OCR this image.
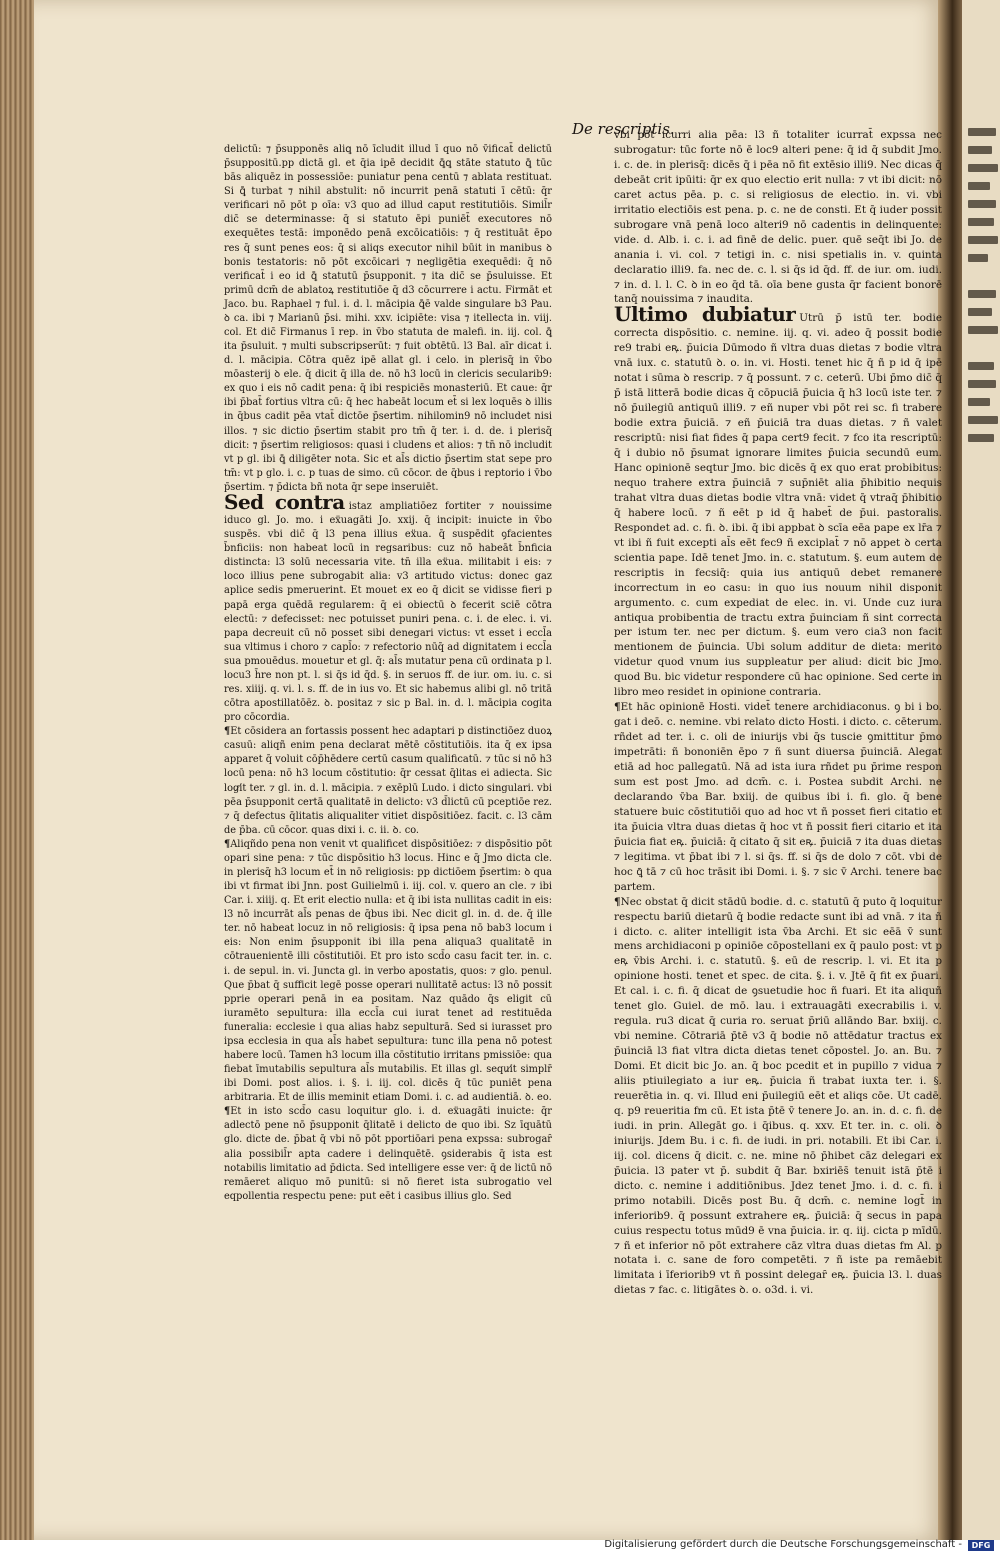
De rescriptis.

delictū: ⁊ p̄supponēs aliꝗ nō īcludit illud ī quo nō v̄ificat̄ delictū p̄suppositū.pp dictā gl. et q̄ia ipē decidit ꝗ̄ꝗ stāte statuto ꝗ̄ tūc bās aliquēz in possessiōe: puniatur pena centū ⁊ ablata restituat. Si ꝗ̄ turbat ⁊ nihil abstulit: nō incurrit penā statuti ī cētū: q̄r verificari nō pōt p oīa: v3 quo ad illud caput restitutiōis. Simil̄r dic̄ se determinasse: q̄ si statuto ēpi puniēt̄ executores nō exequētes testā: imponēdo penā excōicatiōis: ⁊ q̄ restituāt ēpo res q̄ sunt penes eos: q̄ si aliqs executor nihil būit in manibus ꝺ bonis testatoris: nō pōt excōicari ⁊ negligētia exequēdi: q̄ nō verificat̄ i eo id ꝗ̄ statutū p̄supponit. ⁊ ita dic̄ se p̄suluisse. Et primū dcm̄ de ablatoꝝ restitutiōe q̄ d3 cōcurrere i actu. Firmāt et Jaco. bu. Raphael ⁊ ful. i. d. l. mācipia ꝗ̄ē valde singulare b3 Pau. ꝺ ca. ibi ⁊ Marianū p̄si. mihi. xxv. icipiēte: visa ⁊ itellecta in. viij. col. Et dic̄ Firmanus ī rep. in v̄bo statuta de malefi. in. iij. col. ꝗ̄ ita p̄suluit. ⁊ multi subscripserūt: ⁊ fuit obtētū. l3 Bal. aīr dicat i. d. l. mācipia. Cōtra quēz ipē allat gl. i celo. in plerisq̄ in v̄bo mōasterij ꝺ ele. q̄ dicit q̄ illa de. nō h3 locū in clericis secularib9: ex quo i eis nō cadit pena: q̄ ibi respiciēs monasteriū. Et caue: q̄r ibi p̄bat̄ fortius vltra cū: q̄ hec habeāt locum et̄ si lex loquēs ꝺ illis in q̄bus cadit pēa vtat̄ dictōe p̄sertim. nihilomin9 nō includet nisi illos. ⁊ sic dictio p̄sertim stabit pro tm̄ q̄ ter. i. d. de. i plerisq̄ dicit: ⁊ p̄sertim religiosos: quasi i cludens et alios: ⁊ tn̄ nō includit vt p gl. ibi ꝗ̄ diligēter nota. Sic et al̄s dictio p̄sertim stat sepe pro tm̄: vt p glo. i. c. p tuas de simo. cū cōcor. de q̄bus i reptorio i v̄bo p̄sertim. ⁊ p̄dicta bñ nota q̄r sepe inseruiēt.

Sed contra istaz ampliatiōez fortiter ⁊ nouissime iduco gl. Jo. mo. i eẍuagāti Jo. xxij. q̄ incipit: inuicte in v̄bo suspēs. vbi dic̄ q̄ l3 pena illius eẍua. q̄ suspēdit ꝯfacientes b̄nficiis: non habeat locū in regsaribus: cuz nō habeāt b̄nficia distincta: l3 solū necessaria vite. tn̄ illa eẍua. militabit i eis: ⁊ loco illius pene subrogabit alia: v3 artitudo victus: donec gaz aplice sedis pmeruerint. Et mouet ex eo q̄ dicit se vidisse fieri p papā erga quēdā regularem: q̄ ei obiectū ꝺ fecerit sciē cōtra electū: ⁊ defecisset: nec potuisset puniri pena. c. i. de elec. i. vi. papa decreuit cū nō posset sibi denegari victus: vt esset i eccl̄a sua vltimus i choro ⁊ capl̄o: ⁊ refectorio nūq̄ ad dignitatem i eccl̄a sua pmouēdus. mouetur et gl. q̄: al̄s mutatur pena cū ordinata p l. locu3 h̄re non pt. l. si q̄s id q̄d. §. in seruos ff. de iur. om. iu. c. si res. xiiij. q. vi. l. s. ff. de in ius vo. Et sic habemus alibi gl. nō tritā cōtra apostillatōēz. ꝺ. positaz ⁊ sic p Bal. in. d. l. mācipia cogita pro cōcordia.

¶Et cōsidera an fortassis possent hec adaptari p distinctiōez duoꝝ casuū: aliqñ enim pena declarat mētē cōstitutiōis. ita q̄ ex ipsa apparet q̄ voluit cōp̄hēdere certū casum qualificatū. ⁊ tūc si nō h3 locū pena: nō h3 locum cōstitutio: q̄r cessat q̄litas ei adiecta. Sic logi̸t ter. ⁊ gl. in. d. l. mācipia. ⁊ exēplū Ludo. i dicto singulari. vbi pēa p̄supponit certā qualitatē in delicto: v3 d̄lictū cū pceptiōe rez. ⁊ q̄ defectus q̄litatis aliqualiter vitiet dispōsitiōez. facit. c. l3 cām de p̄ba. cū cōcor. quas dixi i. c. ii. ꝺ. co.

¶Aliqñdo pena non venit vt qualificet dispōsitiōez: ⁊ dispōsitio pōt opari sine pena: ⁊ tūc dispōsitio h3 locus. Hinc e q̄ Jmo dicta cle. in plerisq̄ h3 locum et̄ in nō religiosis: pp dictiōem p̄sertim: ꝺ qua ibi vt firmat ibi Jnn. post Guilielmū i. iij. col. v. quero an cle. ⁊ ibi Car. i. xiiij. q. Et erit electio nulla: et q̄ ibi ista nullitas cadit in eis: l3 nō incurrāt al̄s penas de q̄bus ibi. Nec dicit gl. in. d. de. q̄ ille ter. nō habeat locuz in nō religiosis: q̄ ipsa pena nō bab3 locum i eis: Non enim p̄supponit ibi illa pena aliqua3 qualitatē in cōtrauenientē illi cōstitutiōi. Et pro isto scd̄o casu facit ter. in. c. i. de sepul. in. vi. Juncta gl. in verbo apostatis, quos: ⁊ glo. penul. Que p̄bat q̄ sufficit legē posse operari nullitatē actus: l3 nō possit pprie operari penā in ea positam. Naz quādo q̄s eligit cū iuramēto sepultura: illa eccl̄a cui iurat tenet ad restituēda funeralia: ecclesie i qua alias habz sepulturā. Sed si iurasset pro ipsa ecclesia in qua al̄s habet sepultura: tunc illa pena nō potest habere locū. Tamen h3 locum illa cōstitutio irritans pmissiōe: qua fiebat īmutabilis sepultura al̄s mutabilis. Et illas gl. sequi̸t simplr̄ ibi Domi. post alios. i. §. i. iij. col. dicēs q̄ tūc puniēt pena arbitraria. Et de illis meminit etiam Domi. i. c. ad audientiā. ꝺ. eo.

¶Et in isto scd̄o casu loquitur glo. i. d. eẍuagāti inuicte: q̄r adlectō pene nō p̄supponit q̄litatē i delicto de quo ibi. Sz īquātū glo. dicte de. p̄bat q̄ vbi nō pōt pportiōari pena expssa: subrogaȓ alia possibil̄r apta cadere i delinquētē. ꝯsiderabis q̄ ista est notabilis limitatio ad p̄dicta. Sed intelligere esse ver: q̄ de lictū nō remāeret aliquo mō punitū: si nō fieret ista subrogatio vel eqpollentia respectu pene: put eēt i casibus illius glo. Sed

vbi pōt icurri alia pēa: l3 ñ totaliter icurrat̄ expssa nec subrogatur: tūc forte nō ē loc9 alteri pene: q̄ id q̄ subdit Jmo. i. c. de. in plerisq̄: dicēs q̄ i pēa nō fit extēsio illi9. Nec dicas q̄ debeāt crit ipūiti: q̄r ex quo electio erit nulla: ⁊ vt ibi dicit: nō caret actus pēa. p. c. si religiosus de electio. in. vi. vbi irritatio electiōis est pena. p. c. ne de consti. Et q̄ iuder possit subrogare vnā penā loco alteri9 nō cadentis in delinquente: vide. d. Alb. i. c. i. ad finē de delic. puer. quē seq̄t ibi Jo. de anania i. vi. col. ⁊ tetigi in. c. nisi spetialis in. v. quinta declaratio illi9. fa. nec de. c. l. si q̄s id q̄d. ff. de iur. om. iudi. ⁊ in. d. l. l. C. ꝺ in eo q̄d tā. oīa bene gusta q̄r facient bonorē tanq̄ nouissima ⁊ inaudita.

Ultimo dubiatur Utrū p̄ istū ter. bodie correcta dispōsitio. c. nemine. iij. q. vi. adeo q̄ possit bodie re9 trabi eꝶ. p̄uicia Dūmodo ñ vltra duas dietas ⁊ bodie vltra vnā iux. c. statutū ꝺ. o. in. vi. Hosti. tenet hic q̄ ñ p id q̄ ipē notat i sūma ꝺ rescrip. ⁊ q̄ possunt. ⁊ c. ceterū. Ubi p̄mo dic̄ q̄ p̄ istā litterā bodie dicas q̄ cōpuciā p̄uicia q̄ h3 locū iste ter. ⁊ nō p̄uilegiū antiquū illi9. ⁊ eñ nuper vbi pōt rei sc. fi trabere bodie extra p̄uiciā. ⁊ eñ p̄uiciā tra duas dietas. ⁊ ñ valet rescriptū: nisi fiat fides q̄ papa cert9 fecit. ⁊ fco ita rescriptū: q̄ i dubio nō p̄sumat ignorare limites p̄uicia secundū eum. Hanc opinionē seqtur Jmo. bic dicēs q̄ ex quo erat probibitus: nequo trahere extra p̄uinciā ⁊ sup̄niēt alia p̄hibitio nequis trahat vltra duas dietas bodie vltra vnā: videt q̄ vtraq̄ p̄hibitio q̄ habere locū. ⁊ ñ eēt p id q̄ habet̄ de p̄ui. pastoralis. Respondet ad. c. fi. ꝺ. ibi. q̄ ibi appbat ꝺ scīa eēa pape ex lr̄a ⁊ vt ibi ñ fuit excepti al̄s eēt fec9 ñ exciplat̄ ⁊ nō appet ꝺ certa scientia pape. Idē tenet Jmo. in. c. statutum. §. eum autem de rescriptis in fecsiq̄: quia ius antiquū debet remanere incorrectum in eo casu: in quo ius nouum nihil disponit argumento. c. cum expediat de elec. in. vi. Unde cuz iura antiqua probibentia de tractu extra p̄uinciam ñ sint correcta per istum ter. nec per dictum. §. eum vero cia3 non facit mentionem de p̄uincia. Ubi solum additur de dieta: merito videtur quod vnum ius suppleatur per aliud: dicit bic Jmo. quod Bu. bic videtur respondere cū hac opinione. Sed certe in libro meo residet in opinione contraria.

¶Et hāc opinionē Hosti. videt̄ tenere archidiaconus. ꝯ bi i bo. gat i deō. c. nemine. vbi relato dicto Hosti. i dicto. c. cēterum. rñdet ad ter. i. c. oli de iniurijs vbi q̄s tuscie ꝯmittitur p̄mo impetrāti: ñ bononiēn ēpo ⁊ ñ sunt diuersa p̄uinciā. Alegat etiā ad hoc pallegatū. Nā ad ista iura rñdet pu p̄rime respon sum est post Jmo. ad dcm̄. c. i. Postea subdit Archi. ne declarando v̄ba Bar. bxiij. de quibus ibi i. fi. glo. q̄ bene statuere buic cōstitutiōi quo ad hoc vt ñ posset fieri citatio et ita p̄uicia vltra duas dietas q̄ hoc vt ñ possit fieri citario et ita p̄uicia fiat eꝶ. p̄uiciā: q̄ citato q̄ sit eꝶ. p̄uiciā ⁊ ita duas dietas ⁊ legitima. vt p̄bat ibi ⁊ l. si q̄s. ff. si q̄s de dolo ⁊ cōt. vbi de hoc ꝗ̄ tā ⁊ cū hoc trāsit ibi Domi. i. §. ⁊ sic v̄ Archi. tenere bac partem.

¶Nec obstat q̄ dicit stādū bodie. d. c. statutū q̄ puto q̄ loquitur respectu bariū dietarū q̄ bodie redacte sunt ibi ad vnā. ⁊ ita ñ i dicto. c. aliter intelligit ista v̄ba Archi. Et sic eēā v̄ sunt mens archidiaconi p opiniōe cōpostellani ex q̄ paulo post: vt p eꝶ v̄bis Archi. i. c. statutū. §. eū de rescrip. l. vi. Et ita p opinione hosti. tenet et spec. de cita. §. i. v. Jtē q̄ fit ex p̄uari. Et cal. i. c. fi. q̄ dicat de ꝯsuetudie hoc ñ fuari. Et ita aliquñ tenet glo. Guiel. de mō. lau. i extrauagāti execrabilis i. v. regula. ru3 dicat q̄ curia ro. seruat p̄riū allāndo Bar. bxiij. c. vbi nemine. Cōtrariā p̄tē v3 q̄ bodie nō attēdatur tractus ex p̄uinciā l3 fiat vltra dicta dietas tenet cōpostel. Jo. an. Bu. ⁊ Domi. Et dicit bic Jo. an. q̄ boc pcedit et in pupillo ⁊ vidua ⁊ aliis ptiuilegiato a iur eꝶ. p̄uicia ñ trabat iuxta ter. i. §. reuerētia in. q. vi. Illud eni p̄uilegiū eēt et aliqs cōe. Ut cadē. q. p9 reueritia fm cū. Et ista p̄tē v̄ tenere Jo. an. in. d. c. fi. de iudi. in prin. Allegāt go. i q̄ibus. q. xxv. Et ter. in. c. oli. ꝺ iniurijs. Jdem Bu. i c. fi. de iudi. in pri. notabili. Et ibi Car. i. iij. col. dicens q̄ dicit. c. ne. mine nō p̄hibet cāz delegari ex p̄uicia. l3 pater vt p̄. subdit q̄ Bar. bxiriēs̄ tenuit istā p̄tē i dicto. c. nemine i additiōnibus. Jdez tenet Jmo. i. d. c. fi. i primo notabili. Dicēs post Bu. q̄ dcm̄. c. nemine logt̄ in inferiorib9. q̄ possunt extrahere eꝶ. p̄uiciā: q̄ secus in papa cuius respectu totus mūd9 ē vna p̄uicia. ir. q. iij. cicta p mīdū. ⁊ ñ et inferior nō pōt extrahere cāz vltra duas dietas fm Al. p notata i. c. sane de foro competēti. ⁊ ñ iste pa remāebit limitata i īferiorib9 vt ñ possint delegaȓ eꝶ. p̄uicia l3. l. duas dietas ⁊ fac. c. litigātes ꝺ. o. o3d. i. vi.

Digitalisierung gefördert durch die Deutsche Forschungsgemeinschaft -	DFG
